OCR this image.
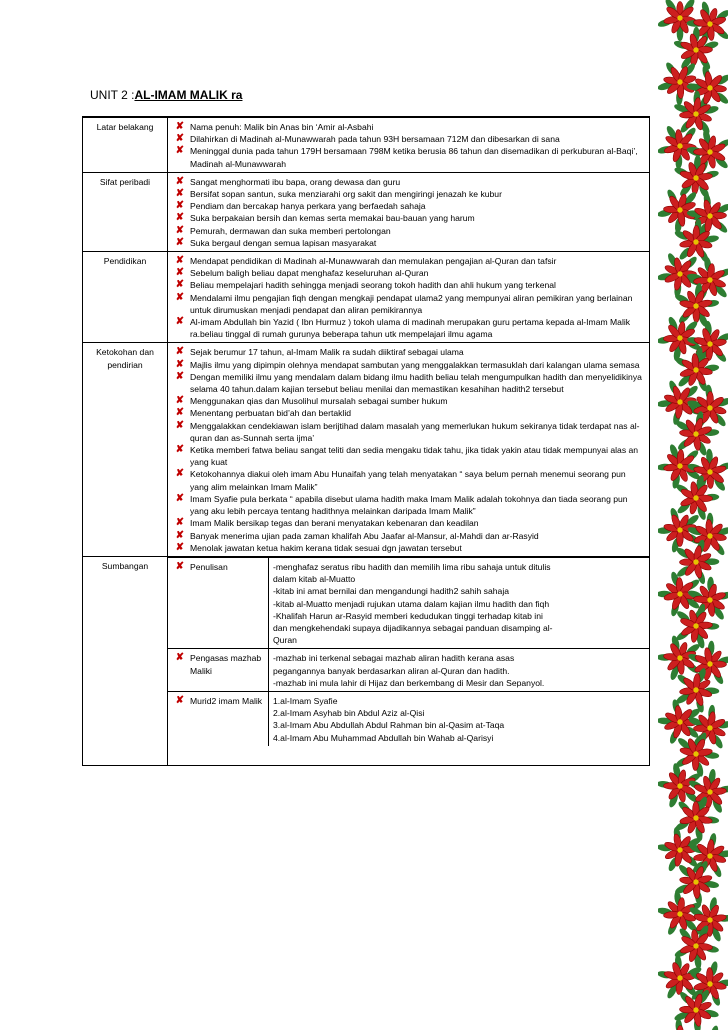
UNIT 2 :AL-IMAM MALIK ra
Latar belakang	✘ Nama penuh: Malik bin Anas bin ‘Amir al-Asbahi
✘ Dilahirkan di Madinah al-Munawwarah pada tahun 93H bersamaan 712M dan dibesarkan di sana
✘ Meninggal dunia pada tahun 179H bersamaan 798M ketika berusia 86 tahun dan disemadikan di perkuburan al-Baqi’, Madinah al-Munawwarah

Sifat peribadi	✘ Sangat menghormati ibu bapa, orang dewasa dan guru
✘ Bersifat sopan santun, suka menziarahi org sakit dan mengiringi jenazah ke kubur
✘ Pendiam dan bercakap hanya perkara yang berfaedah sahaja
✘ Suka berpakaian bersih dan kemas serta memakai bau-bauan yang harum
✘ Pemurah, dermawan dan suka memberi pertolongan
✘ Suka bergaul dengan semua lapisan masyarakat

Pendidikan	✘ Mendapat pendidikan di Madinah al-Munawwarah dan memulakan pengajian al-Quran dan tafsir
✘ Sebelum baligh beliau dapat menghafaz keseluruhan al-Quran
✘ Beliau mempelajari hadith sehingga menjadi seorang tokoh hadith dan ahli hukum yang terkenal
✘ Mendalami ilmu pengajian fiqh dengan mengkaji pendapat ulama2 yang mempunyai aliran pemikiran yang berlainan untuk dirumuskan menjadi pendapat dan aliran pemikirannya
✘ Al-imam Abdullah bin Yazid ( Ibn Hurmuz ) tokoh ulama di madinah merupakan guru pertama kepada al-Imam Malik ra.beliau tinggal di rumah gurunya beberapa tahun utk mempelajari ilmu agama

Ketokohan dan pendirian	
✘ Sejak berumur 17 tahun, al-Imam Malik ra sudah diiktiraf sebagai ulama
✘ Majlis ilmu yang dipimpin olehnya mendapat sambutan yang menggalakkan termasuklah dari kalangan ulama semasa
✘ Dengan memiliki ilmu yang mendalam dalam bidang ilmu hadith beliau telah mengumpulkan hadith dan menyelidikinya selama 40 tahun.dalam kajian tersebut beliau menilai dan memastikan kesahihan hadith2 tersebut
✘ Menggunakan qias dan Musolihul mursalah sebagai sumber hukum
✘ Menentang perbuatan bid’ah dan bertaklid
✘ Menggalakkan cendekiawan islam berijtihad dalam masalah yang memerlukan hukum sekiranya tidak terdapat nas al-quran dan as-Sunnah serta ijma’
✘ Ketika memberi fatwa beliau sangat teliti dan sedia mengaku tidak tahu, jika tidak yakin atau tidak mempunyai alas an yang kuat
✘ Ketokohannya diakui oleh imam Abu Hunaifah yang telah menyatakan “ saya belum pernah menemui seorang pun yang alim melainkan Imam Malik”
✘ Imam Syafie pula berkata “ apabila disebut ulama hadith maka Imam Malik adalah tokohnya dan tiada seorang pun yang aku lebih percaya tentang hadithnya melainkan daripada Imam Malik”
✘ Imam Malik bersikap tegas dan berani menyatakan kebenaran dan keadilan
✘ Banyak menerima ujian pada zaman khalifah Abu Jaafar al-Mansur, al-Mahdi dan ar-Rasyid
✘ Menolak jawatan ketua hakim kerana tidak sesuai dgn jawatan tersebut

Sumbangan		✘	Penulisan	-menghafaz seratus ribu hadith dan memilih lima ribu sahaja untuk ditulis
dalam kitab al-Muatto
-kitab ini amat bernilai dan mengandungi hadith2 sahih sahaja
-kitab al-Muatto menjadi rujukan utama dalam kajian ilmu hadith dan fiqh
-Khalifah Harun ar-Rasyid memberi kedudukan tinggi terhadap kitab ini
dan mengkehendaki supaya dijadikannya sebagai panduan disamping al-
Quran

✘	Pengasas mazhab Maliki	
-mazhab ini terkenal sebagai mazhab aliran hadith kerana asas
pegangannya banyak berdasarkan aliran al-Quran dan hadith.
-mazhab ini mula lahir di Hijaz dan berkembang di Mesir dan Sepanyol.

✘	Murid2 imam Malik	1.al-Imam Syafie
2.al-Imam Asyhab bin Abdul Aziz al-Qisi
3.al-Imam Abu Abdullah Abdul Rahman bin al-Qasim at-Taqa
4.al-Imam Abu Muhammad Abdullah bin Wahab al-Qarisyi
